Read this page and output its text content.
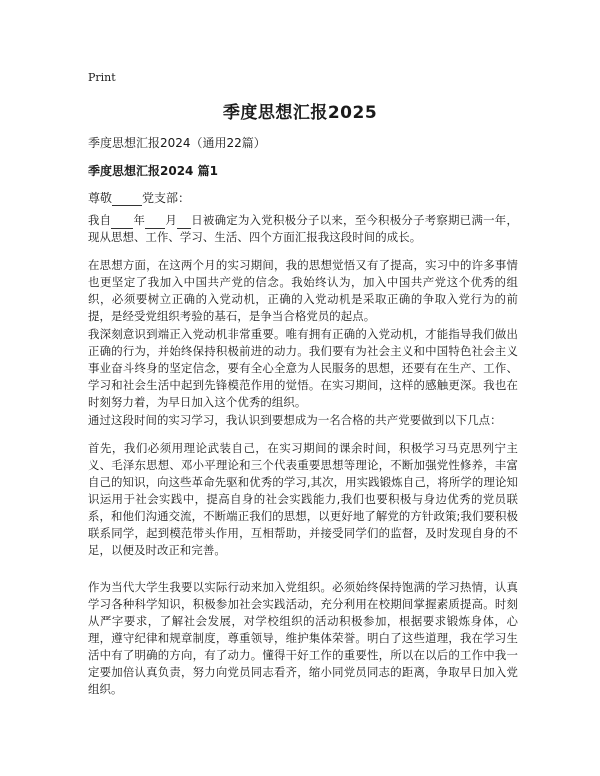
Print
季度思想汇报2025
季度思想汇报2024（通用22篇）
季度思想汇报2024 篇1
尊敬	党支部：
我自 年 月 日被确定为入党积极分子以来，至今积极分子考察期已满一年，现从思想、工作、学习、生活、四个方面汇报我这段时间的成长。
在思想方面，在这两个月的实习期间，我的思想觉悟又有了提高，实习中的许多事情也更坚定了我加入中国共产党的信念。我始终认为，加入中国共产党这个优秀的组织，必须要树立正确的入党动机，正确的入党动机是采取正确的争取入党行为的前提，是经受党组织考验的基石，是争当合格党员的起点。
我深刻意识到端正入党动机非常重要。唯有拥有正确的入党动机，才能指导我们做出正确的行为，并始终保持积极前进的动力。我们要有为社会主义和中国特色社会主义事业奋斗终身的坚定信念，要有全心全意为人民服务的思想，还要有在生产、工作、学习和社会生活中起到先锋模范作用的觉悟。在实习期间，这样的感触更深。我也在时刻努力着，为早日加入这个优秀的组织。
通过这段时间的实习学习，我认识到要想成为一名合格的共产党要做到以下几点：
首先，我们必须用理论武装自己，在实习期间的课余时间，积极学习马克思列宁主义、毛泽东思想、邓小平理论和三个代表重要思想等理论，不断加强党性修养，丰富自己的知识，向这些革命先驱和优秀的学习,其次，用实践锻炼自己，将所学的理论知识运用于社会实践中，提高自身的社会实践能力,我们也要积极与身边优秀的党员联系，和他们沟通交流，不断端正我们的思想，以更好地了解党的方针政策;我们要积极联系同学，起到模范带头作用，互相帮助，并接受同学们的监督，及时发现自身的不足，以便及时改正和完善。
作为当代大学生我要以实际行动来加入党组织。必须始终保持饱满的学习热情，认真学习各种科学知识，积极参加社会实践活动，充分利用在校期间掌握素质提高。时刻从严字要求，了解社会发展，对学校组织的活动积极参加，根据要求锻炼身体，心理，遵守纪律和规章制度，尊重领导，维护集体荣誉。明白了这些道理，我在学习生活中有了明确的方向，有了动力。懂得干好工作的重要性，所以在以后的工作中我一定要加倍认真负责，努力向党员同志看齐，缩小同党员同志的距离，争取早日加入党组织。
